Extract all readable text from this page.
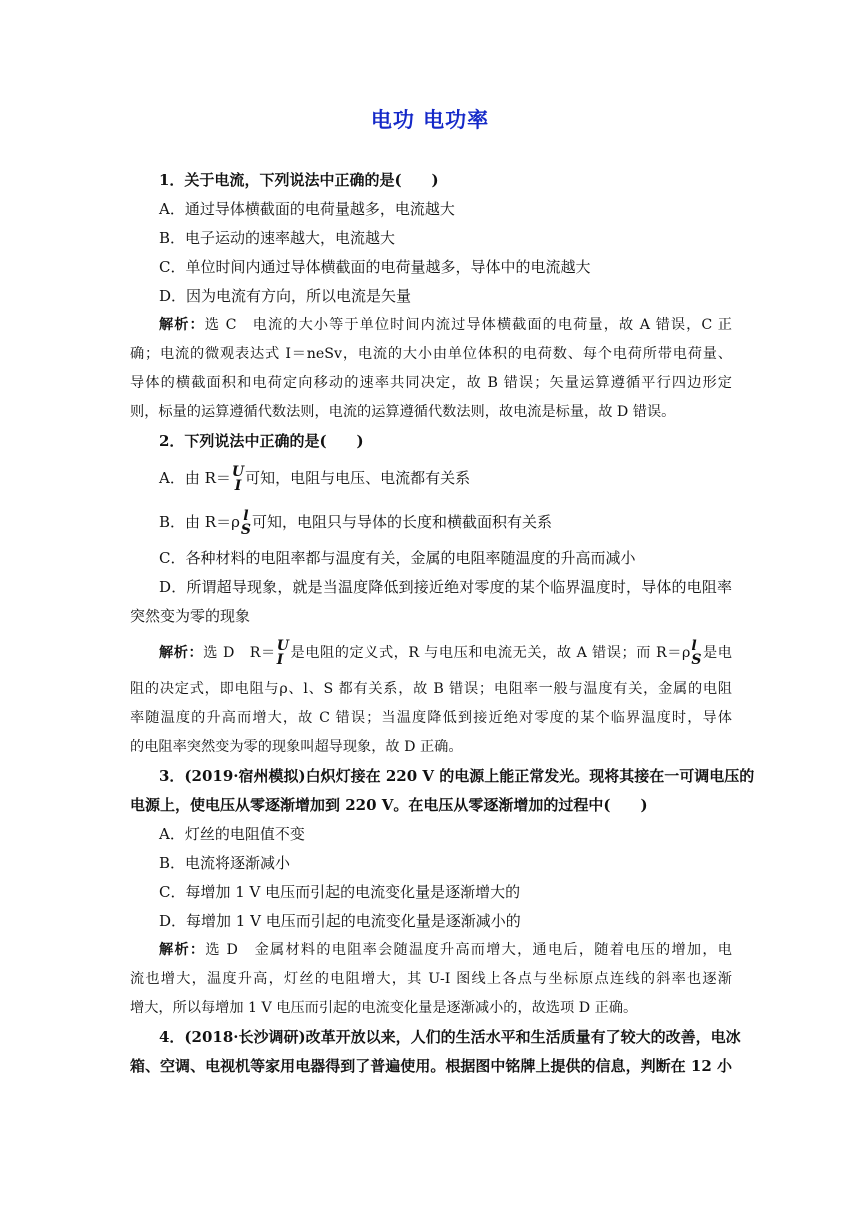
电功 电功率
1．关于电流，下列说法中正确的是(　　)
A．通过导体横截面的电荷量越多，电流越大
B．电子运动的速率越大，电流越大
C．单位时间内通过导体横截面的电荷量越多，导体中的电流越大
D．因为电流有方向，所以电流是矢量
解析：选 C　电流的大小等于单位时间内流过导体横截面的电荷量，故 A 错误，C 正
确；电流的微观表达式 I＝neSv，电流的大小由单位体积的电荷数、每个电荷所带电荷量、
导体的横截面积和电荷定向移动的速率共同决定，故 B 错误；矢量运算遵循平行四边形定
则，标量的运算遵循代数法则，电流的运算遵循代数法则，故电流是标量，故 D 错误。
2．下列说法中正确的是(　　)
A．由 R＝ U
I 可知，电阻与电压、电流都有关系
B．由 R＝ρ l
S 可知，电阻只与导体的长度和横截面积有关系
C．各种材料的电阻率都与温度有关，金属的电阻率随温度的升高而减小
D．所谓超导现象，就是当温度降低到接近绝对零度的某个临界温度时，导体的电阻率
突然变为零的现象
解析：选 D　R＝ U
I 是电阻的定义式，R 与电压和电流无关，故 A 错误；而 R＝ρ l
S 是电
阻的决定式，即电阻与ρ、l、S 都有关系，故 B 错误；电阻率一般与温度有关，金属的电阻
率随温度的升高而增大，故 C 错误；当温度降低到接近绝对零度的某个临界温度时，导体
的电阻率突然变为零的现象叫超导现象，故 D 正确。
3．(2019·宿州模拟)白炽灯接在 220 V 的电源上能正常发光。现将其接在一可调电压的
电源上，使电压从零逐渐增加到 220 V。在电压从零逐渐增加的过程中(　　)
A．灯丝的电阻值不变
B．电流将逐渐减小
C．每增加 1 V 电压而引起的电流变化量是逐渐增大的
D．每增加 1 V 电压而引起的电流变化量是逐渐减小的
解析：选 D　金属材料的电阻率会随温度升高而增大，通电后，随着电压的增加，电
流也增大，温度升高，灯丝的电阻增大，其 U-I 图线上各点与坐标原点连线的斜率也逐渐
增大，所以每增加 1 V 电压而引起的电流变化量是逐渐减小的，故选项 D 正确。
4．(2018·长沙调研)改革开放以来，人们的生活水平和生活质量有了较大的改善，电冰
箱、空调、电视机等家用电器得到了普遍使用。根据图中铭牌上提供的信息，判断在 12 小
